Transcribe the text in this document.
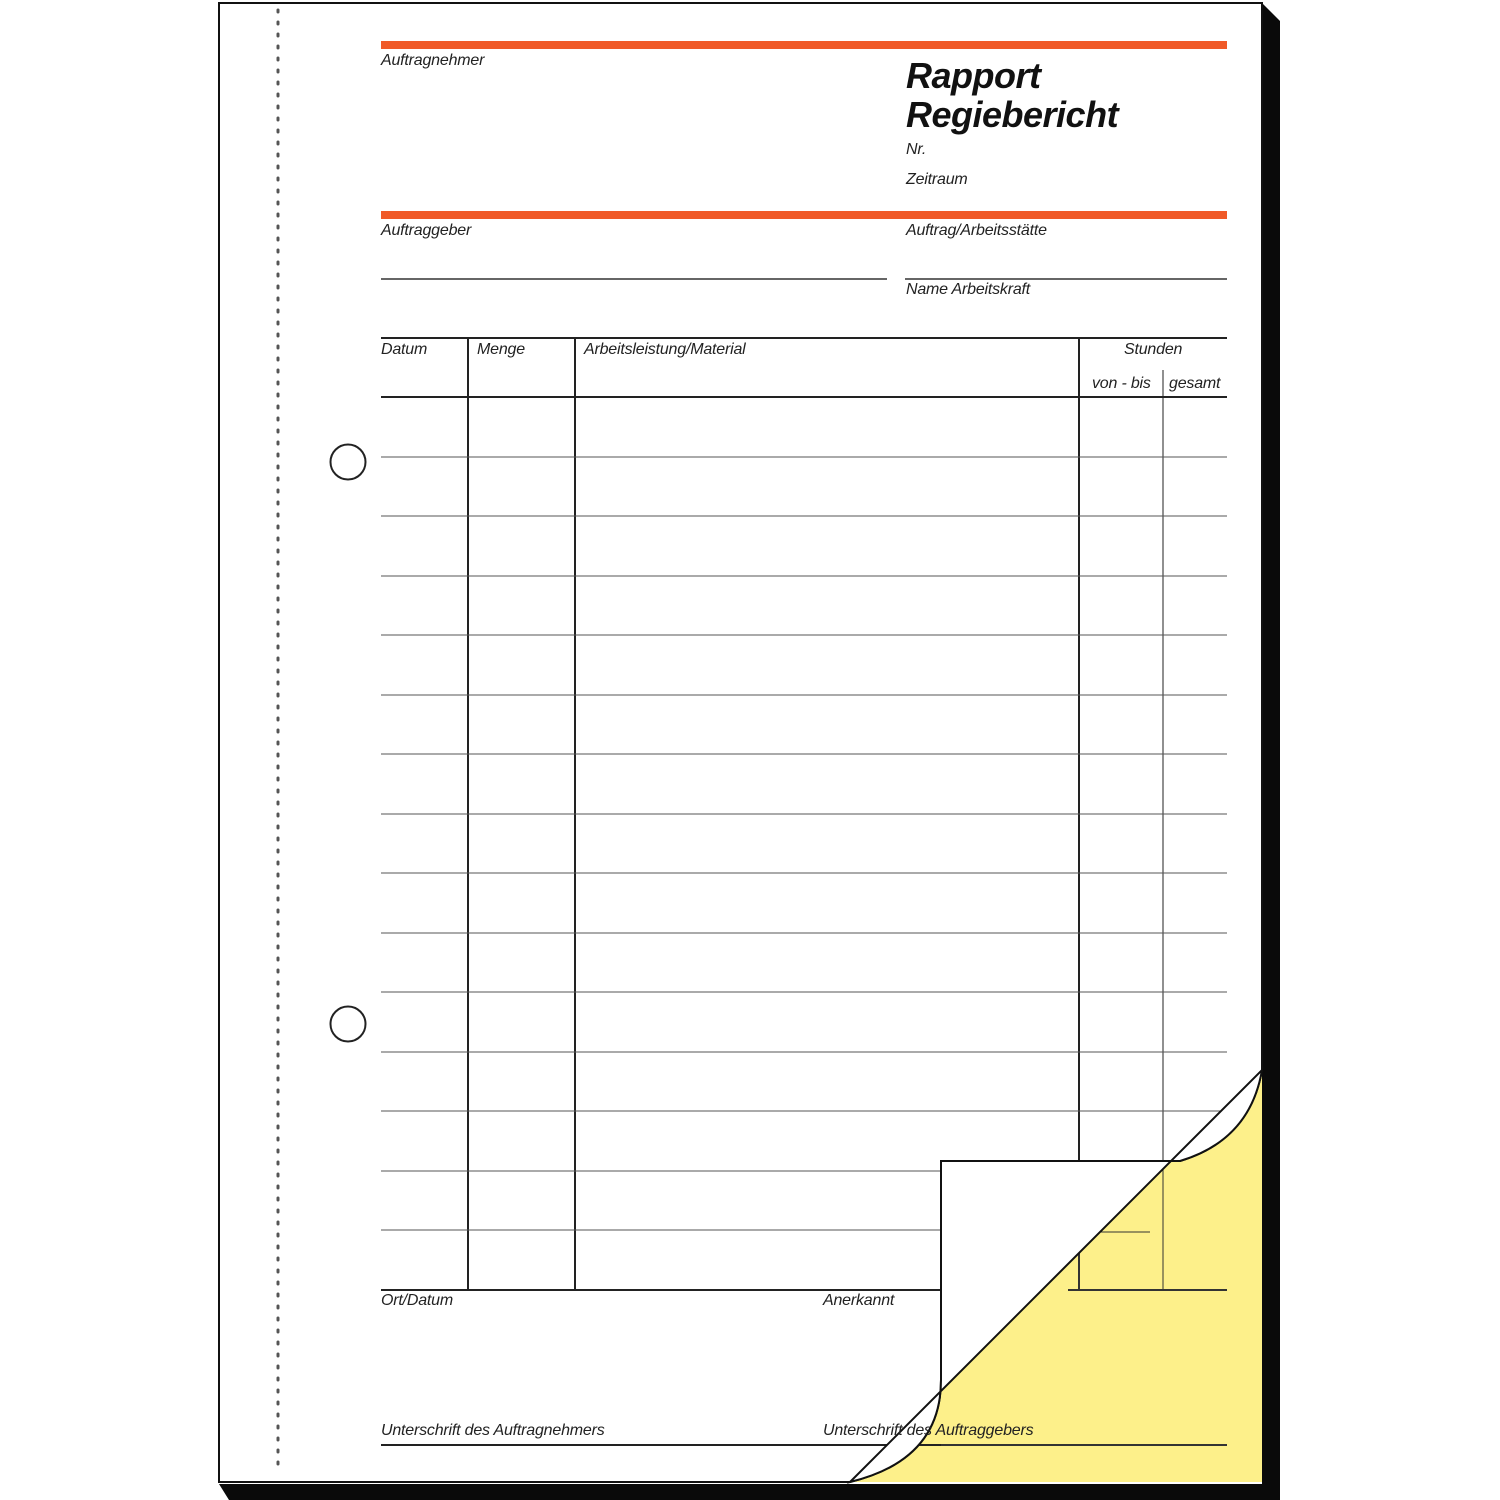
Auftragnehmer	Rapport
Regiebericht

Nr.

Zeitraum

Auftraggeber	Auftrag/Arbeitsstätte

Name Arbeitskraft

Datum	Menge	Arbeitsleistung/Material	Stunden

von - bis gesamt

Ort/Datum	Anerkannt

Unterschrift des Auftragnehmers	Unterschrift des Auftraggebers
